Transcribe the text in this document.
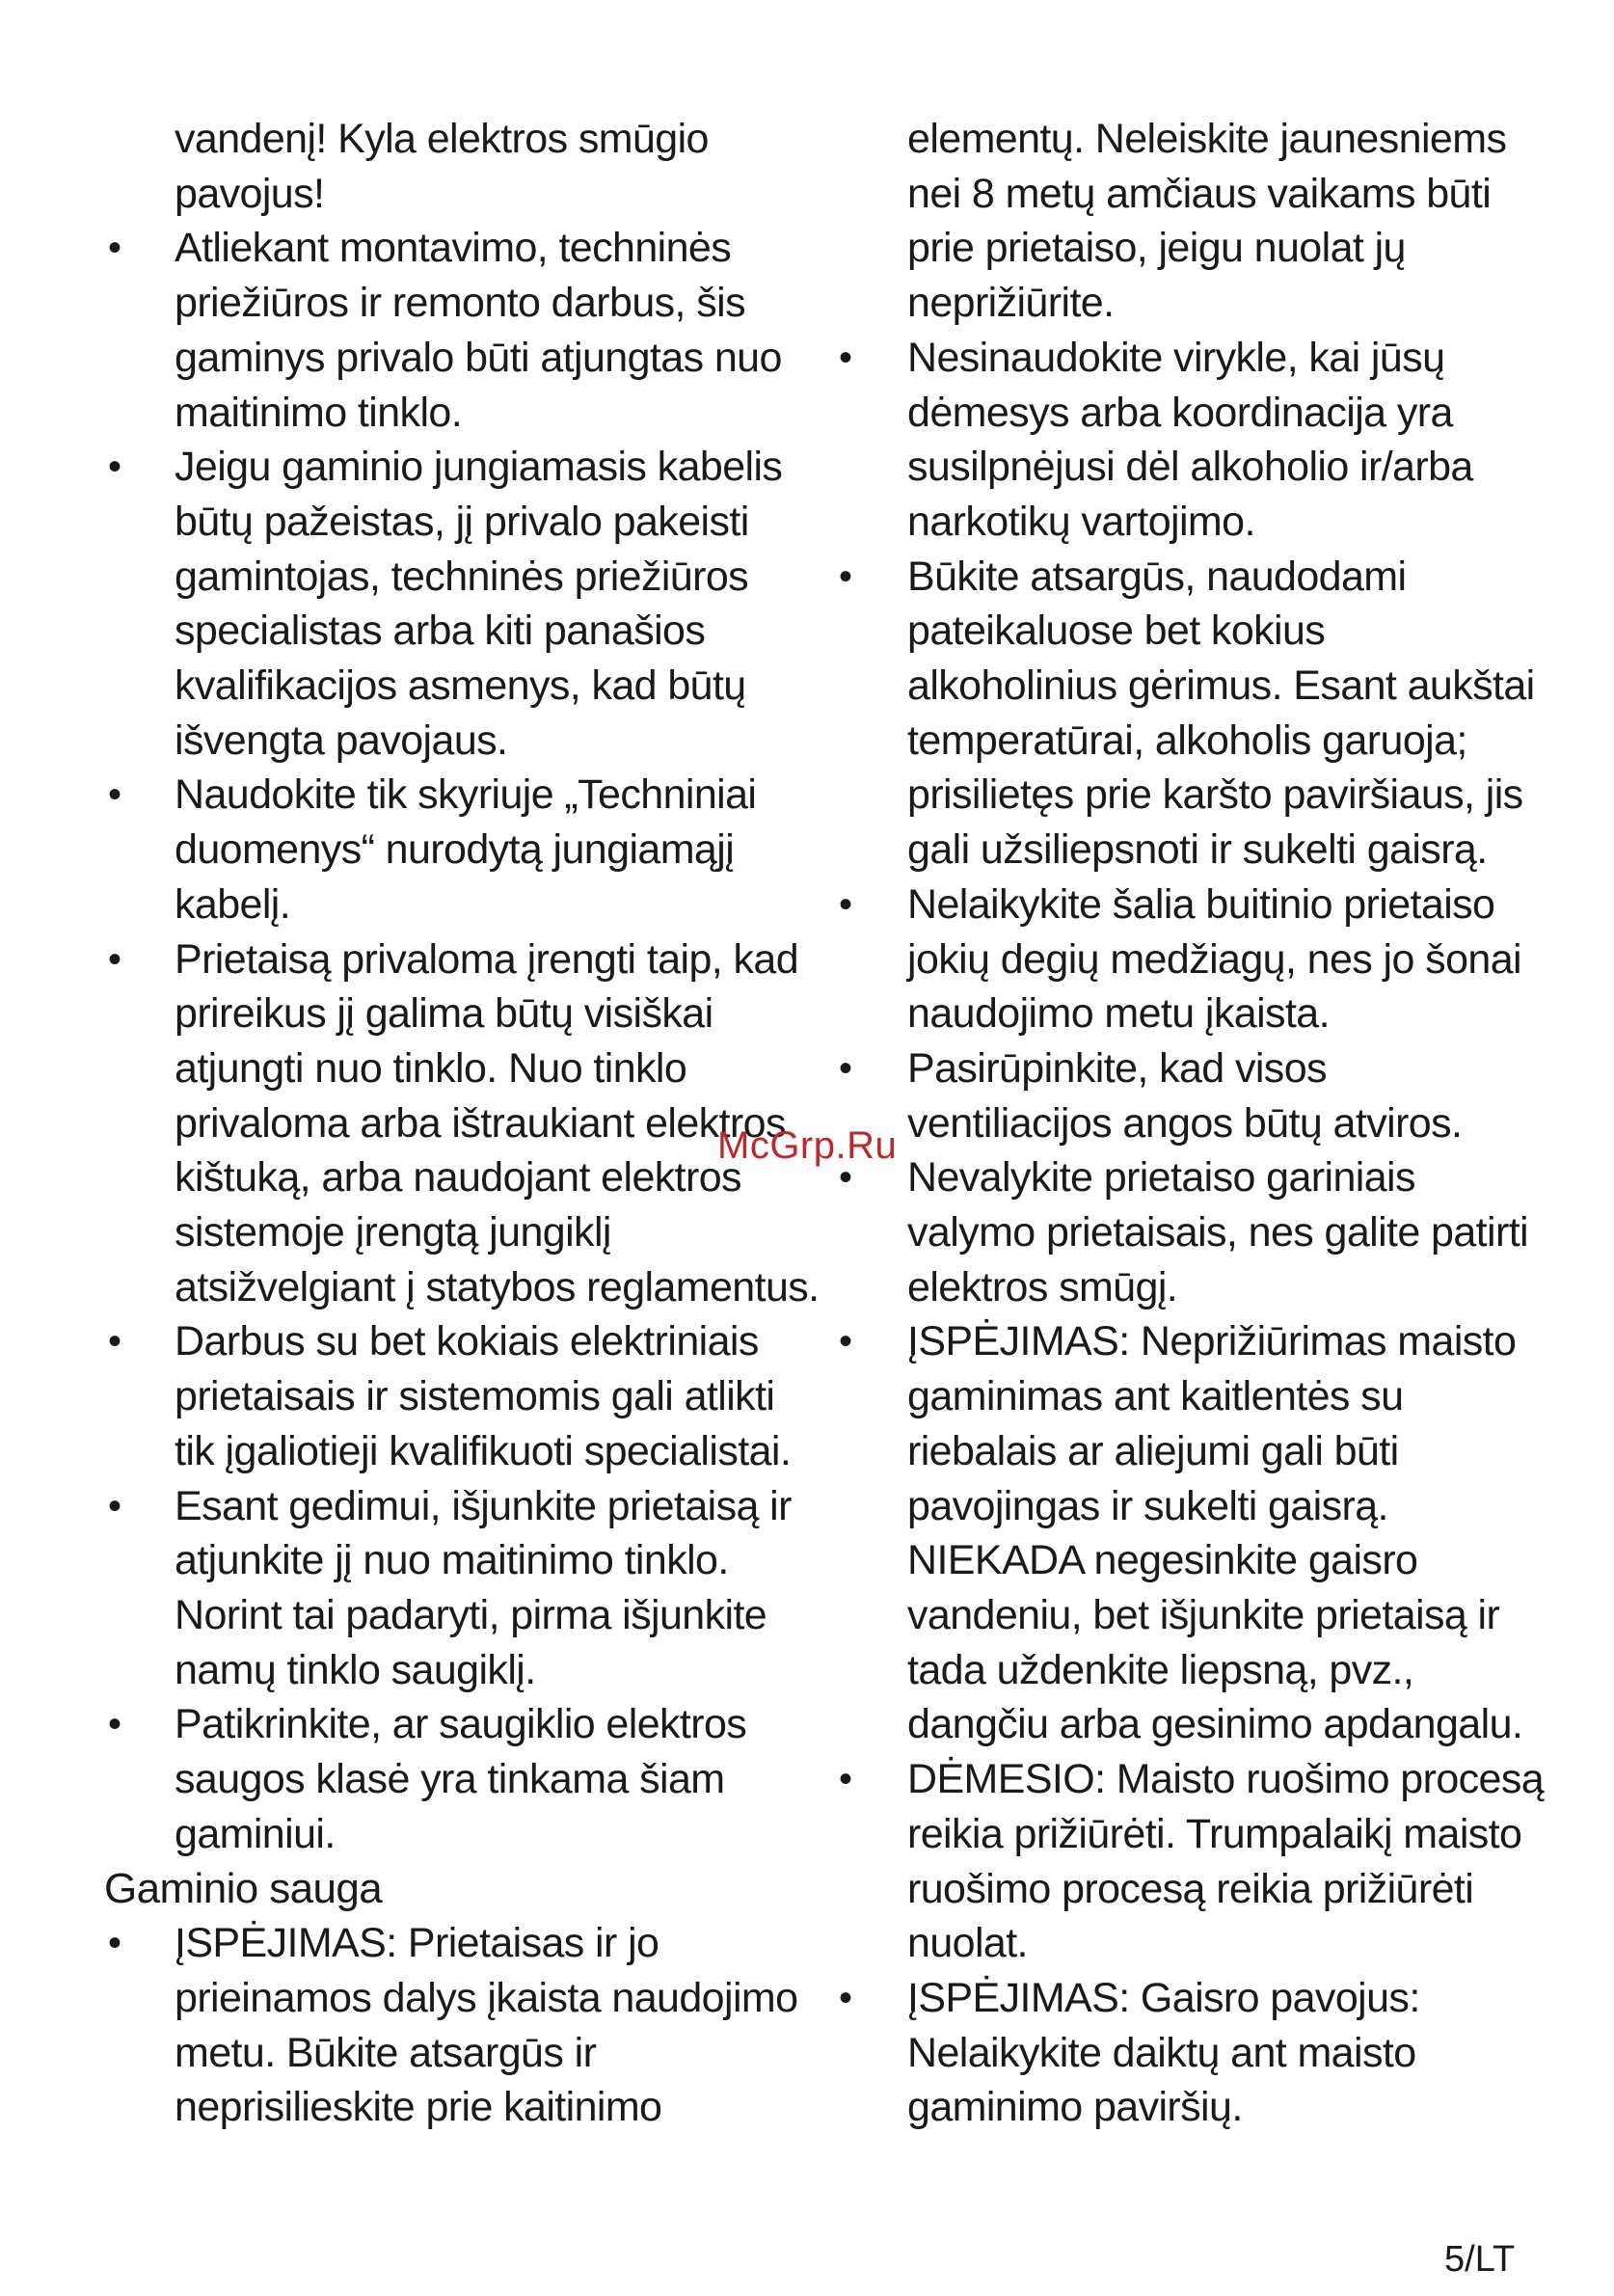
vandenį! Kyla elektros smūgio
pavojus!
• Atliekant montavimo, techninės
priežiūros ir remonto darbus, šis
gaminys privalo būti atjungtas nuo
maitinimo tinklo.
• Jeigu gaminio jungiamasis kabelis
būtų pažeistas, jį privalo pakeisti
gamintojas, techninės priežiūros
specialistas arba kiti panašios
kvalifikacijos asmenys, kad būtų
išvengta pavojaus.
• Naudokite tik skyriuje „Techniniai
duomenys“ nurodytą jungiamąjį
kabelį.
• Prietaisą privaloma įrengti taip, kad
prireikus jį galima būtų visiškai
atjungti nuo tinklo. Nuo tinklo
privaloma arba ištraukiant elektros
kištuką, arba naudojant elektros
sistemoje įrengtą jungiklį
atsižvelgiant į statybos reglamentus.
• Darbus su bet kokiais elektriniais
prietaisais ir sistemomis gali atlikti
tik įgaliotieji kvalifikuoti specialistai.
• Esant gedimui, išjunkite prietaisą ir
atjunkite jį nuo maitinimo tinklo.
Norint tai padaryti, pirma išjunkite
namų tinklo saugiklį.
• Patikrinkite, ar saugiklio elektros
saugos klasė yra tinkama šiam
gaminiui.
Gaminio sauga
• ĮSPĖJIMAS: Prietaisas ir jo
prieinamos dalys įkaista naudojimo
metu. Būkite atsargūs ir
neprisilieskite prie kaitinimo
elementų. Neleiskite jaunesniems
nei 8 metų amčiaus vaikams būti
prie prietaiso, jeigu nuolat jų
neprižiūrite.
• Nesinaudokite virykle, kai jūsų
dėmesys arba koordinacija yra
susilpnėjusi dėl alkoholio ir/arba
narkotikų vartojimo.
• Būkite atsargūs, naudodami
pateikaluose bet kokius
alkoholinius gėrimus. Esant aukštai
temperatūrai, alkoholis garuoja;
prisilietęs prie karšto paviršiaus, jis
gali užsiliepsnoti ir sukelti gaisrą.
• Nelaikykite šalia buitinio prietaiso
jokių degių medžiagų, nes jo šonai
naudojimo metu įkaista.
• Pasirūpinkite, kad visos
ventiliacijos angos būtų atviros.
• Nevalykite prietaiso gariniais
valymo prietaisais, nes galite patirti
elektros smūgį.
• ĮSPĖJIMAS: Neprižiūrimas maisto
gaminimas ant kaitlentės su
riebalais ar aliejumi gali būti
pavojingas ir sukelti gaisrą.
NIEKADA negesinkite gaisro
vandeniu, bet išjunkite prietaisą ir
tada uždenkite liepsną, pvz.,
dangčiu arba gesinimo apdangalu.
• DĖMESIO: Maisto ruošimo procesą
reikia prižiūrėti. Trumpalaikį maisto
ruošimo procesą reikia prižiūrėti
nuolat.
• ĮSPĖJIMAS: Gaisro pavojus:
Nelaikykite daiktų ant maisto
gaminimo paviršių.
McGrp.Ru
5/LT
